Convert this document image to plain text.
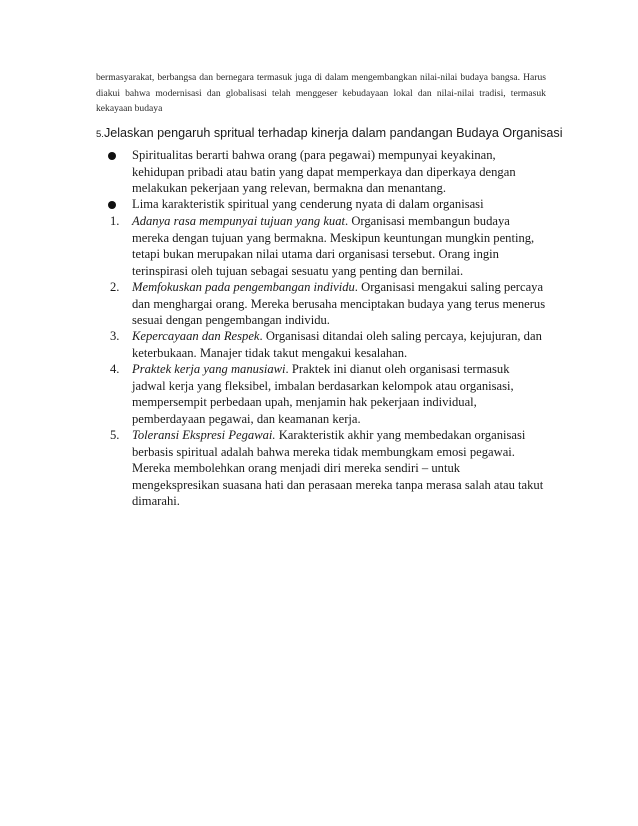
bermasyarakat, berbangsa dan bernegara termasuk juga di dalam mengembangkan nilai-nilai budaya bangsa. Harus diakui bahwa modernisasi dan globalisasi telah menggeser kebudayaan lokal dan nilai-nilai tradisi, termasuk kekayaan budaya

5.Jelaskan pengaruh spritual terhadap kinerja dalam pandangan Budaya Organisasi

Spiritualitas berarti bahwa orang (para pegawai) mempunyai keyakinan,
kehidupan pribadi atau batin yang dapat memperkaya dan diperkaya dengan
melakukan pekerjaan yang relevan, bermakna dan menantang.

Lima karakteristik spiritual yang cenderung nyata di dalam organisasi

1. Adanya rasa mempunyai tujuan yang kuat. Organisasi membangun budaya
mereka dengan tujuan yang bermakna. Meskipun keuntungan mungkin penting,
tetapi bukan merupakan nilai utama dari organisasi tersebut. Orang ingin
terinspirasi oleh tujuan sebagai sesuatu yang penting dan bernilai.

2. Memfokuskan pada pengembangan individu. Organisasi mengakui saling percaya
dan menghargai orang. Mereka berusaha menciptakan budaya yang terus menerus
sesuai dengan pengembangan individu.

3. Kepercayaan dan Respek. Organisasi ditandai oleh saling percaya, kejujuran, dan
keterbukaan. Manajer tidak takut mengakui kesalahan.

4. Praktek kerja yang manusiawi. Praktek ini dianut oleh organisasi termasuk
jadwal kerja yang fleksibel, imbalan berdasarkan kelompok atau organisasi,
mempersempit perbedaan upah, menjamin hak pekerjaan individual,
pemberdayaan pegawai, dan keamanan kerja.

5. Toleransi Ekspresi Pegawai. Karakteristik akhir yang membedakan organisasi
berbasis spiritual adalah bahwa mereka tidak membungkam emosi pegawai.
Mereka membolehkan orang menjadi diri mereka sendiri – untuk
mengekspresikan suasana hati dan perasaan mereka tanpa merasa salah atau takut
dimarahi.
